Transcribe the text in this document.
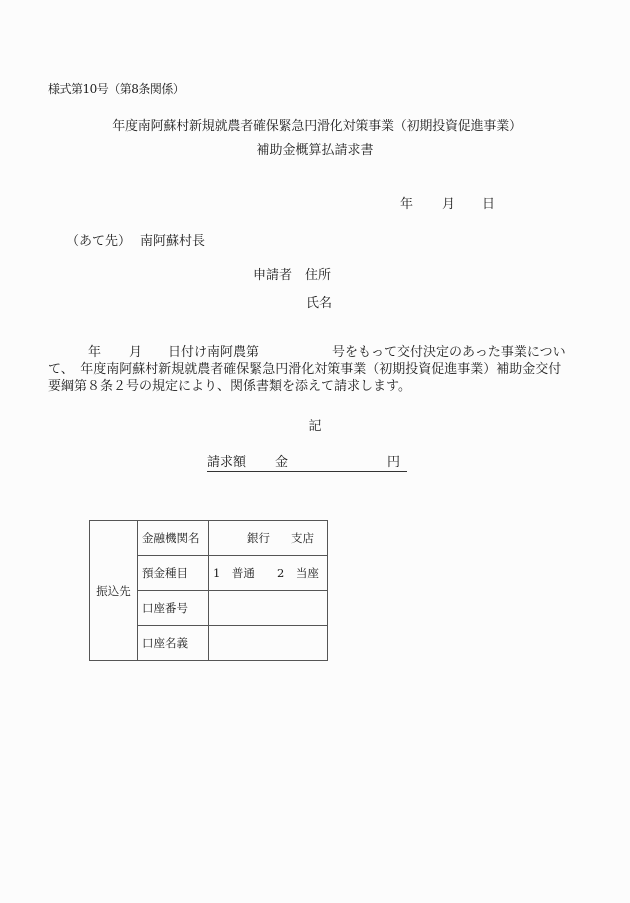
様式第10号（第8条関係）
年度南阿蘇村新規就農者確保緊急円滑化対策事業（初期投資促進事業）
補助金概算払請求書
年 月 日
（あて先） 南阿蘇村長
申請者 住所
氏名
年 月 日付け南阿農第	号をもって交付決定のあった事業につい
て、　年度南阿蘇村新規就農者確保緊急円滑化対策事業（初期投資促進事業）補助金交付
要綱第８条２号の規定により、関係書類を添えて請求します。
記
請求額 金	円
振込先	金融機関名	銀行 支店
	預金種目	1　普通 2　当座
	口座番号	
	口座名義	
